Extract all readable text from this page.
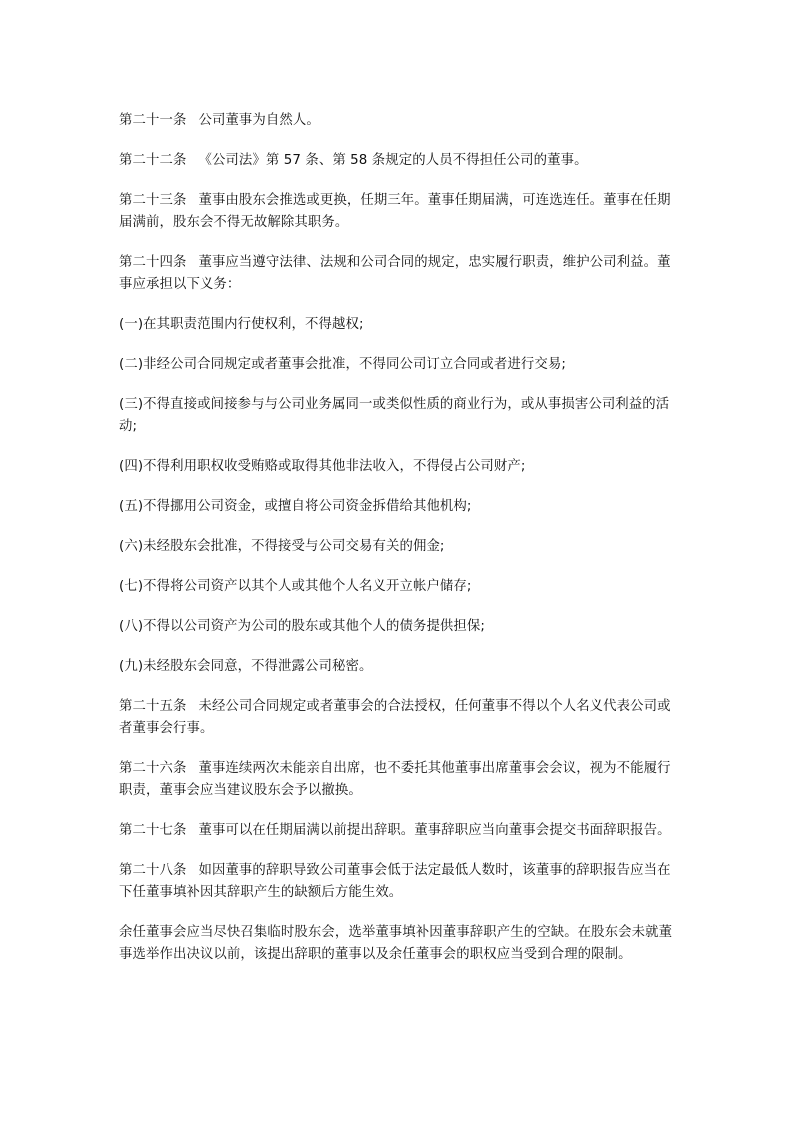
第二十一条 公司董事为自然人。

第二十二条 《公司法》第 57 条、第 58 条规定的人员不得担任公司的董事。

第二十三条 董事由股东会推选或更换，任期三年。董事任期届满，可连选连任。董事在任期届满前，股东会不得无故解除其职务。

第二十四条 董事应当遵守法律、法规和公司合同的规定，忠实履行职责，维护公司利益。董事应承担以下义务：

(一)在其职责范围内行使权利，不得越权;

(二)非经公司合同规定或者董事会批准，不得同公司订立合同或者进行交易;

(三)不得直接或间接参与与公司业务属同一或类似性质的商业行为，或从事损害公司利益的活动;

(四)不得利用职权收受贿赂或取得其他非法收入，不得侵占公司财产;

(五)不得挪用公司资金，或擅自将公司资金拆借给其他机构;

(六)未经股东会批准，不得接受与公司交易有关的佣金;

(七)不得将公司资产以其个人或其他个人名义开立帐户储存;

(八)不得以公司资产为公司的股东或其他个人的债务提供担保;

(九)未经股东会同意，不得泄露公司秘密。

第二十五条 未经公司合同规定或者董事会的合法授权，任何董事不得以个人名义代表公司或者董事会行事。

第二十六条 董事连续两次未能亲自出席，也不委托其他董事出席董事会会议，视为不能履行职责，董事会应当建议股东会予以撤换。

第二十七条 董事可以在任期届满以前提出辞职。董事辞职应当向董事会提交书面辞职报告。

第二十八条 如因董事的辞职导致公司董事会低于法定最低人数时，该董事的辞职报告应当在下任董事填补因其辞职产生的缺额后方能生效。

余任董事会应当尽快召集临时股东会，选举董事填补因董事辞职产生的空缺。在股东会未就董事选举作出决议以前，该提出辞职的董事以及余任董事会的职权应当受到合理的限制。
